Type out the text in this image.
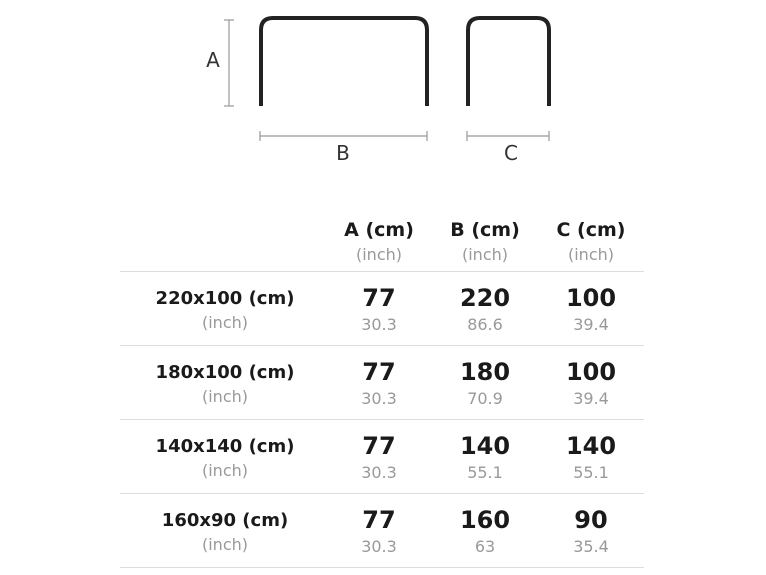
A
B	C
A (cm)
(inch)
B (cm)
(inch)
C (cm)
(inch)
220x100 (cm)
(inch)
77
30.3
220
86.6
100
39.4
180x100 (cm)
(inch)
77
30.3
180
70.9
100
39.4
140x140 (cm)
(inch)
77
30.3
140
55.1
140
55.1
160x90 (cm)
(inch)
77
30.3
160
63
90
35.4
